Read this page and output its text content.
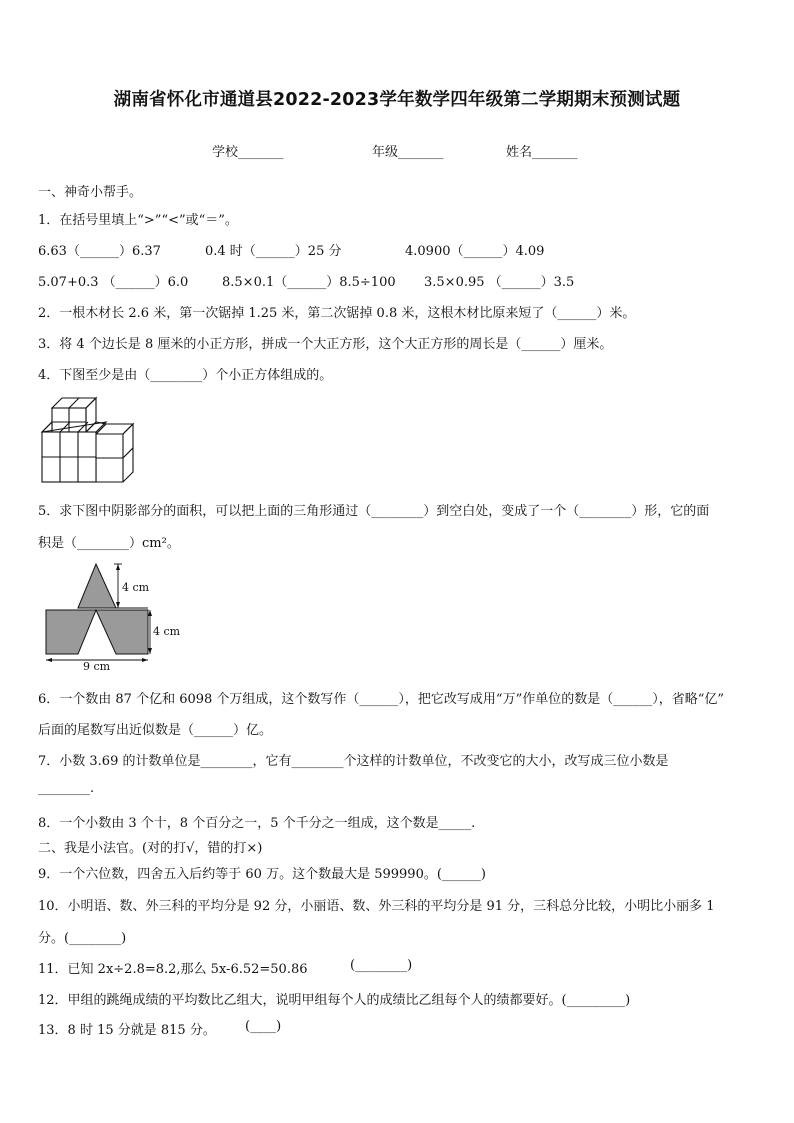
湖南省怀化市通道县2022-2023学年数学四年级第二学期期末预测试题
学校_______	年级_______	姓名_______
一、神奇小帮手。
1．在括号里填上“>”“<”或“＝”。
6.63（______）6.37	0.4 时（______）25 分	4.0900（______）4.09
5.07+0.3 （______）6.0	8.5×0.1（______）8.5÷100 3.5×0.95 （______）3.5
2．一根木材长 2.6 米，第一次锯掉 1.25 米，第二次锯掉 0.8 米，这根木材比原来短了（______）米。
3．将 4 个边长是 8 厘米的小正方形，拼成一个大正方形，这个大正方形的周长是（______）厘米。
4．下图至少是由（________）个小正方体组成的。
5．求下图中阴影部分的面积，可以把上面的三角形通过（________）到空白处，变成了一个（________）形，它的面
积是（________）cm²。
4 cm
4 cm
9 cm
6．一个数由 87 个亿和 6098 个万组成，这个数写作（______），把它改写成用“万”作单位的数是（______），省略“亿”
后面的尾数写出近似数是（______）亿。
7．小数 3.69 的计数单位是________，它有________个这样的计数单位，不改变它的大小，改写成三位小数是
________.
8．一个小数由 3 个十，8 个百分之一，5 个千分之一组成，这个数是_____.
二、我是小法官。(对的打√，错的打×)
9．一个六位数，四舍五入后约等于 60 万。这个数最大是 599990。(______)
10．小明语、数、外三科的平均分是 92 分，小丽语、数、外三科的平均分是 91 分，三科总分比较，小明比小丽多 1
分。(________)
11．已知 2x÷2.8=8.2,那么 5x-6.52=50.86	(________)
12．甲组的跳绳成绩的平均数比乙组大，说明甲组每个人的成绩比乙组每个人的绩都要好。(_________)
13．8 时 15 分就是 815 分。 (____)
